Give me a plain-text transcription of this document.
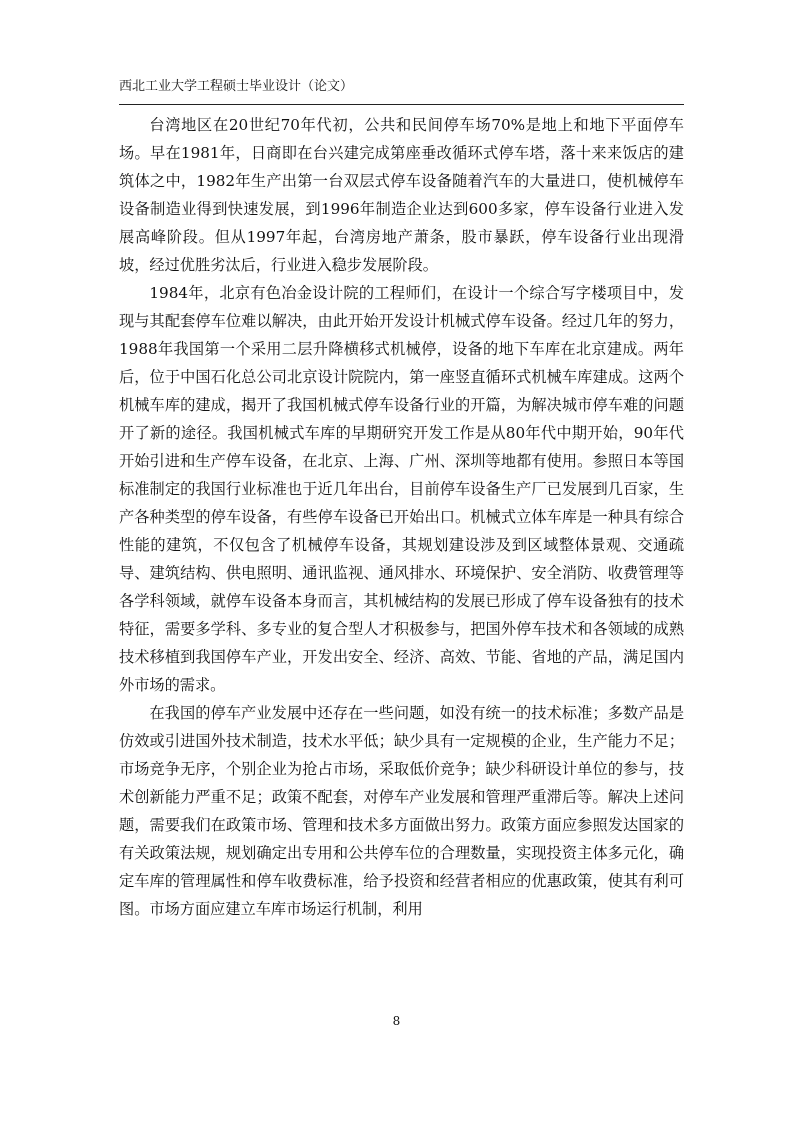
西北工业大学工程硕士毕业设计（论文）

台湾地区在20世纪70年代初，公共和民间停车场70%是地上和地下平面停车场。早在1981年，日商即在台兴建完成第座垂改循环式停车塔，落十来来饭店的建筑体之中，1982年生产出第一台双层式停车设备随着汽车的大量进口，使机械停车设备制造业得到快速发展，到1996年制造企业达到600多家，停车设备行业进入发展高峰阶段。但从1997年起，台湾房地产萧条，股市暴跃，停车设备行业出现滑坡，经过优胜劣汰后，行业进入稳步发展阶段。

1984年，北京有色冶金设计院的工程师们，在设计一个综合写字楼项目中，发现与其配套停车位难以解决，由此开始开发设计机械式停车设备。经过几年的努力，1988年我国第一个采用二层升降横移式机械停，设备的地下车库在北京建成。两年后，位于中国石化总公司北京设计院院内，第一座竖直循环式机械车库建成。这两个机械车库的建成，揭开了我国机械式停车设备行业的开篇，为解决城市停车难的问题开了新的途径。我国机械式车库的早期研究开发工作是从80年代中期开始，90年代开始引进和生产停车设备，在北京、上海、广州、深圳等地都有使用。参照日本等国标准制定的我国行业标准也于近几年出台，目前停车设备生产厂已发展到几百家，生产各种类型的停车设备，有些停车设备已开始出口。机械式立体车库是一种具有综合性能的建筑，不仅包含了机械停车设备，其规划建设涉及到区域整体景观、交通疏导、建筑结构、供电照明、通讯监视、通风排水、环境保护、安全消防、收费管理等各学科领域，就停车设备本身而言，其机械结构的发展已形成了停车设备独有的技术特征，需要多学科、多专业的复合型人才积极参与，把国外停车技术和各领域的成熟技术移植到我国停车产业，开发出安全、经济、高效、节能、省地的产品，满足国内外市场的需求。

在我国的停车产业发展中还存在一些问题，如没有统一的技术标准；多数产品是仿效或引进国外技术制造，技术水平低；缺少具有一定规模的企业，生产能力不足；市场竞争无序，个别企业为抢占市场，采取低价竞争；缺少科研设计单位的参与，技术创新能力严重不足；政策不配套，对停车产业发展和管理严重滞后等。解决上述问题，需要我们在政策市场、管理和技术多方面做出努力。政策方面应参照发达国家的有关政策法规，规划确定出专用和公共停车位的合理数量，实现投资主体多元化，确定车库的管理属性和停车收费标准，给予投资和经营者相应的优惠政策，使其有利可图。市场方面应建立车库市场运行机制，利用

8
